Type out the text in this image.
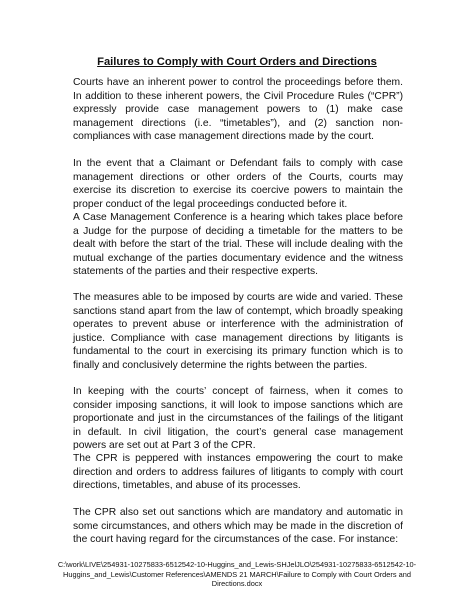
Failures to Comply with Court Orders and Directions

Courts have an inherent power to control the proceedings before them. In addition to these inherent powers, the Civil Procedure Rules (“CPR”) expressly provide case management powers to (1) make case management directions (i.e. “timetables”), and (2) sanction non-compliances with case management directions made by the court.

In the event that a Claimant or Defendant fails to comply with case management directions or other orders of the Courts, courts may exercise its discretion to exercise its coercive powers to maintain the proper conduct of the legal proceedings conducted before it.

A Case Management Conference is a hearing which takes place before a Judge for the purpose of deciding a timetable for the matters to be dealt with before the start of the trial. These will include dealing with the mutual exchange of the parties documentary evidence and the witness statements of the parties and their respective experts.

The measures able to be imposed by courts are wide and varied. These sanctions stand apart from the law of contempt, which broadly speaking operates to prevent abuse or interference with the administration of justice. Compliance with case management directions by litigants is fundamental to the court in exercising its primary function which is to finally and conclusively determine the rights between the parties.

In keeping with the courts’ concept of fairness, when it comes to consider imposing sanctions, it will look to impose sanctions which are proportionate and just in the circumstances of the failings of the litigant in default. In civil litigation, the court’s general case management powers are set out at Part 3 of the CPR.

The CPR is peppered with instances empowering the court to make direction and orders to address failures of litigants to comply with court directions, timetables, and abuse of its processes.

The CPR also set out sanctions which are mandatory and automatic in some circumstances, and others which may be made in the discretion of the court having regard for the circumstances of the case. For instance:

C:\work\LIVE\254931-10275833-6512542-10-Huggins_and_Lewis-SHJelJLO\254931-10275833-6512542-10-Huggins_and_Lewis\Customer References\AMENDS 21 MARCH\Failure to Comply with Court Orders and Directions.docx
